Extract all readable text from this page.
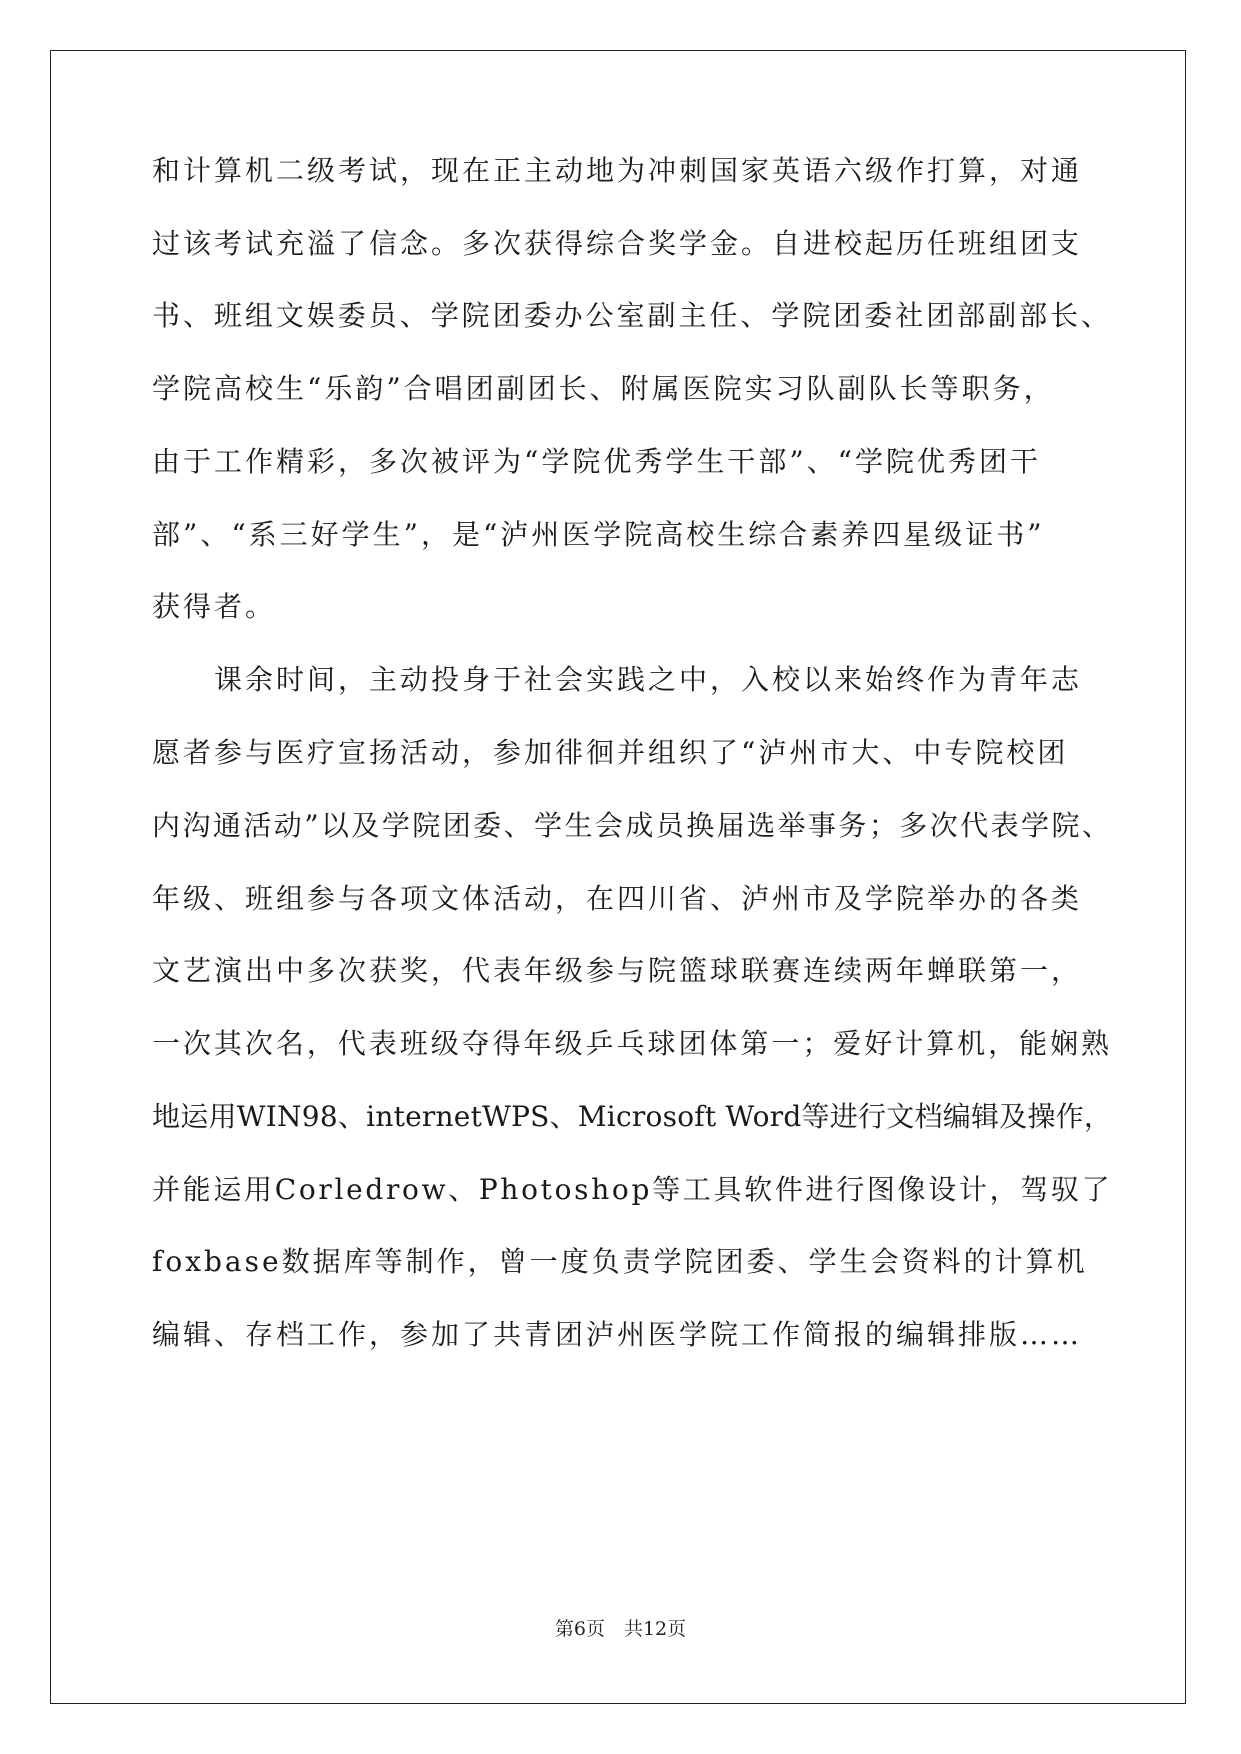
和计算机二级考试，现在正主动地为冲刺国家英语六级作打算，对通
过该考试充溢了信念。多次获得综合奖学金。自进校起历任班组团支
书、班组文娱委员、学院团委办公室副主任、学院团委社团部副部长、
学院高校生“乐韵”合唱团副团长、附属医院实习队副队长等职务，
由于工作精彩，多次被评为“学院优秀学生干部”、“学院优秀团干
部”、“系三好学生”，是“泸州医学院高校生综合素养四星级证书”
获得者。
课余时间，主动投身于社会实践之中，入校以来始终作为青年志
愿者参与医疗宣扬活动，参加徘徊并组织了“泸州市大、中专院校团
内沟通活动”以及学院团委、学生会成员换届选举事务；多次代表学院、
年级、班组参与各项文体活动，在四川省、泸州市及学院举办的各类
文艺演出中多次获奖，代表年级参与院篮球联赛连续两年蝉联第一，
一次其次名，代表班级夺得年级乒乓球团体第一；爱好计算机，能娴熟
地运用WIN98、internetWPS、Microsoft Word等进行文档编辑及操作，
并能运用Corledrow、Photoshop等工具软件进行图像设计，驾驭了
foxbase数据库等制作，曾一度负责学院团委、学生会资料的计算机
编辑、存档工作，参加了共青团泸州医学院工作简报的编辑排版……
第6页　共12页
